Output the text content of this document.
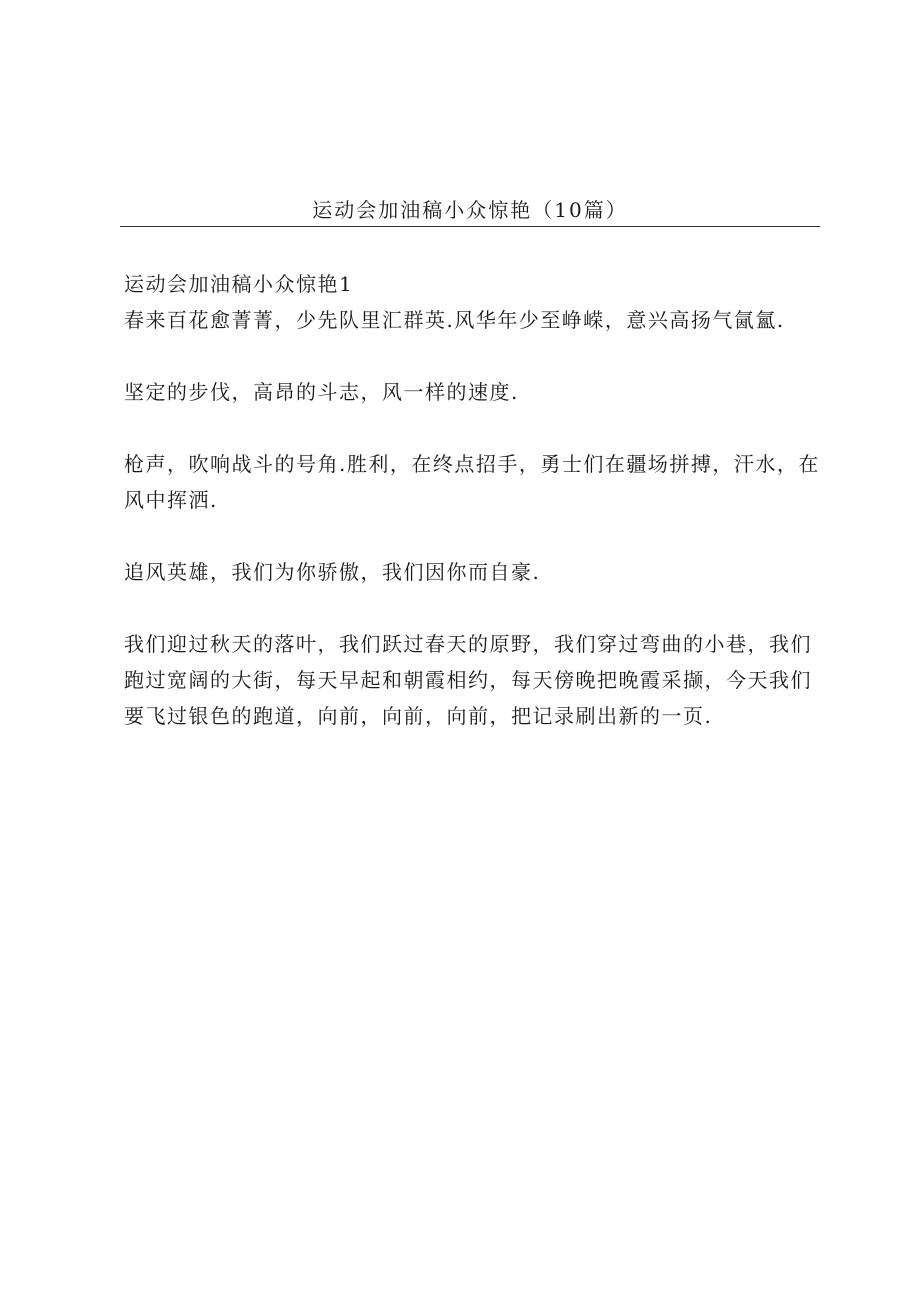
运动会加油稿小众惊艳（10篇）

运动会加油稿小众惊艳1

春来百花愈菁菁，少先队里汇群英.风华年少至峥嵘，意兴高扬气氤氳.

坚定的步伐，高昂的斗志，风一样的速度.

枪声，吹响战斗的号角.胜利，在终点招手，勇士们在疆场拼搏，汗水，在风中挥洒.

追风英雄，我们为你骄傲，我们因你而自豪.

我们迎过秋天的落叶，我们跃过春天的原野，我们穿过弯曲的小巷，我们跑过宽阔的大街，每天早起和朝霞相约，每天傍晚把晚霞采撷，今天我们要飞过银色的跑道，向前，向前，向前，把记录刷出新的一页.
